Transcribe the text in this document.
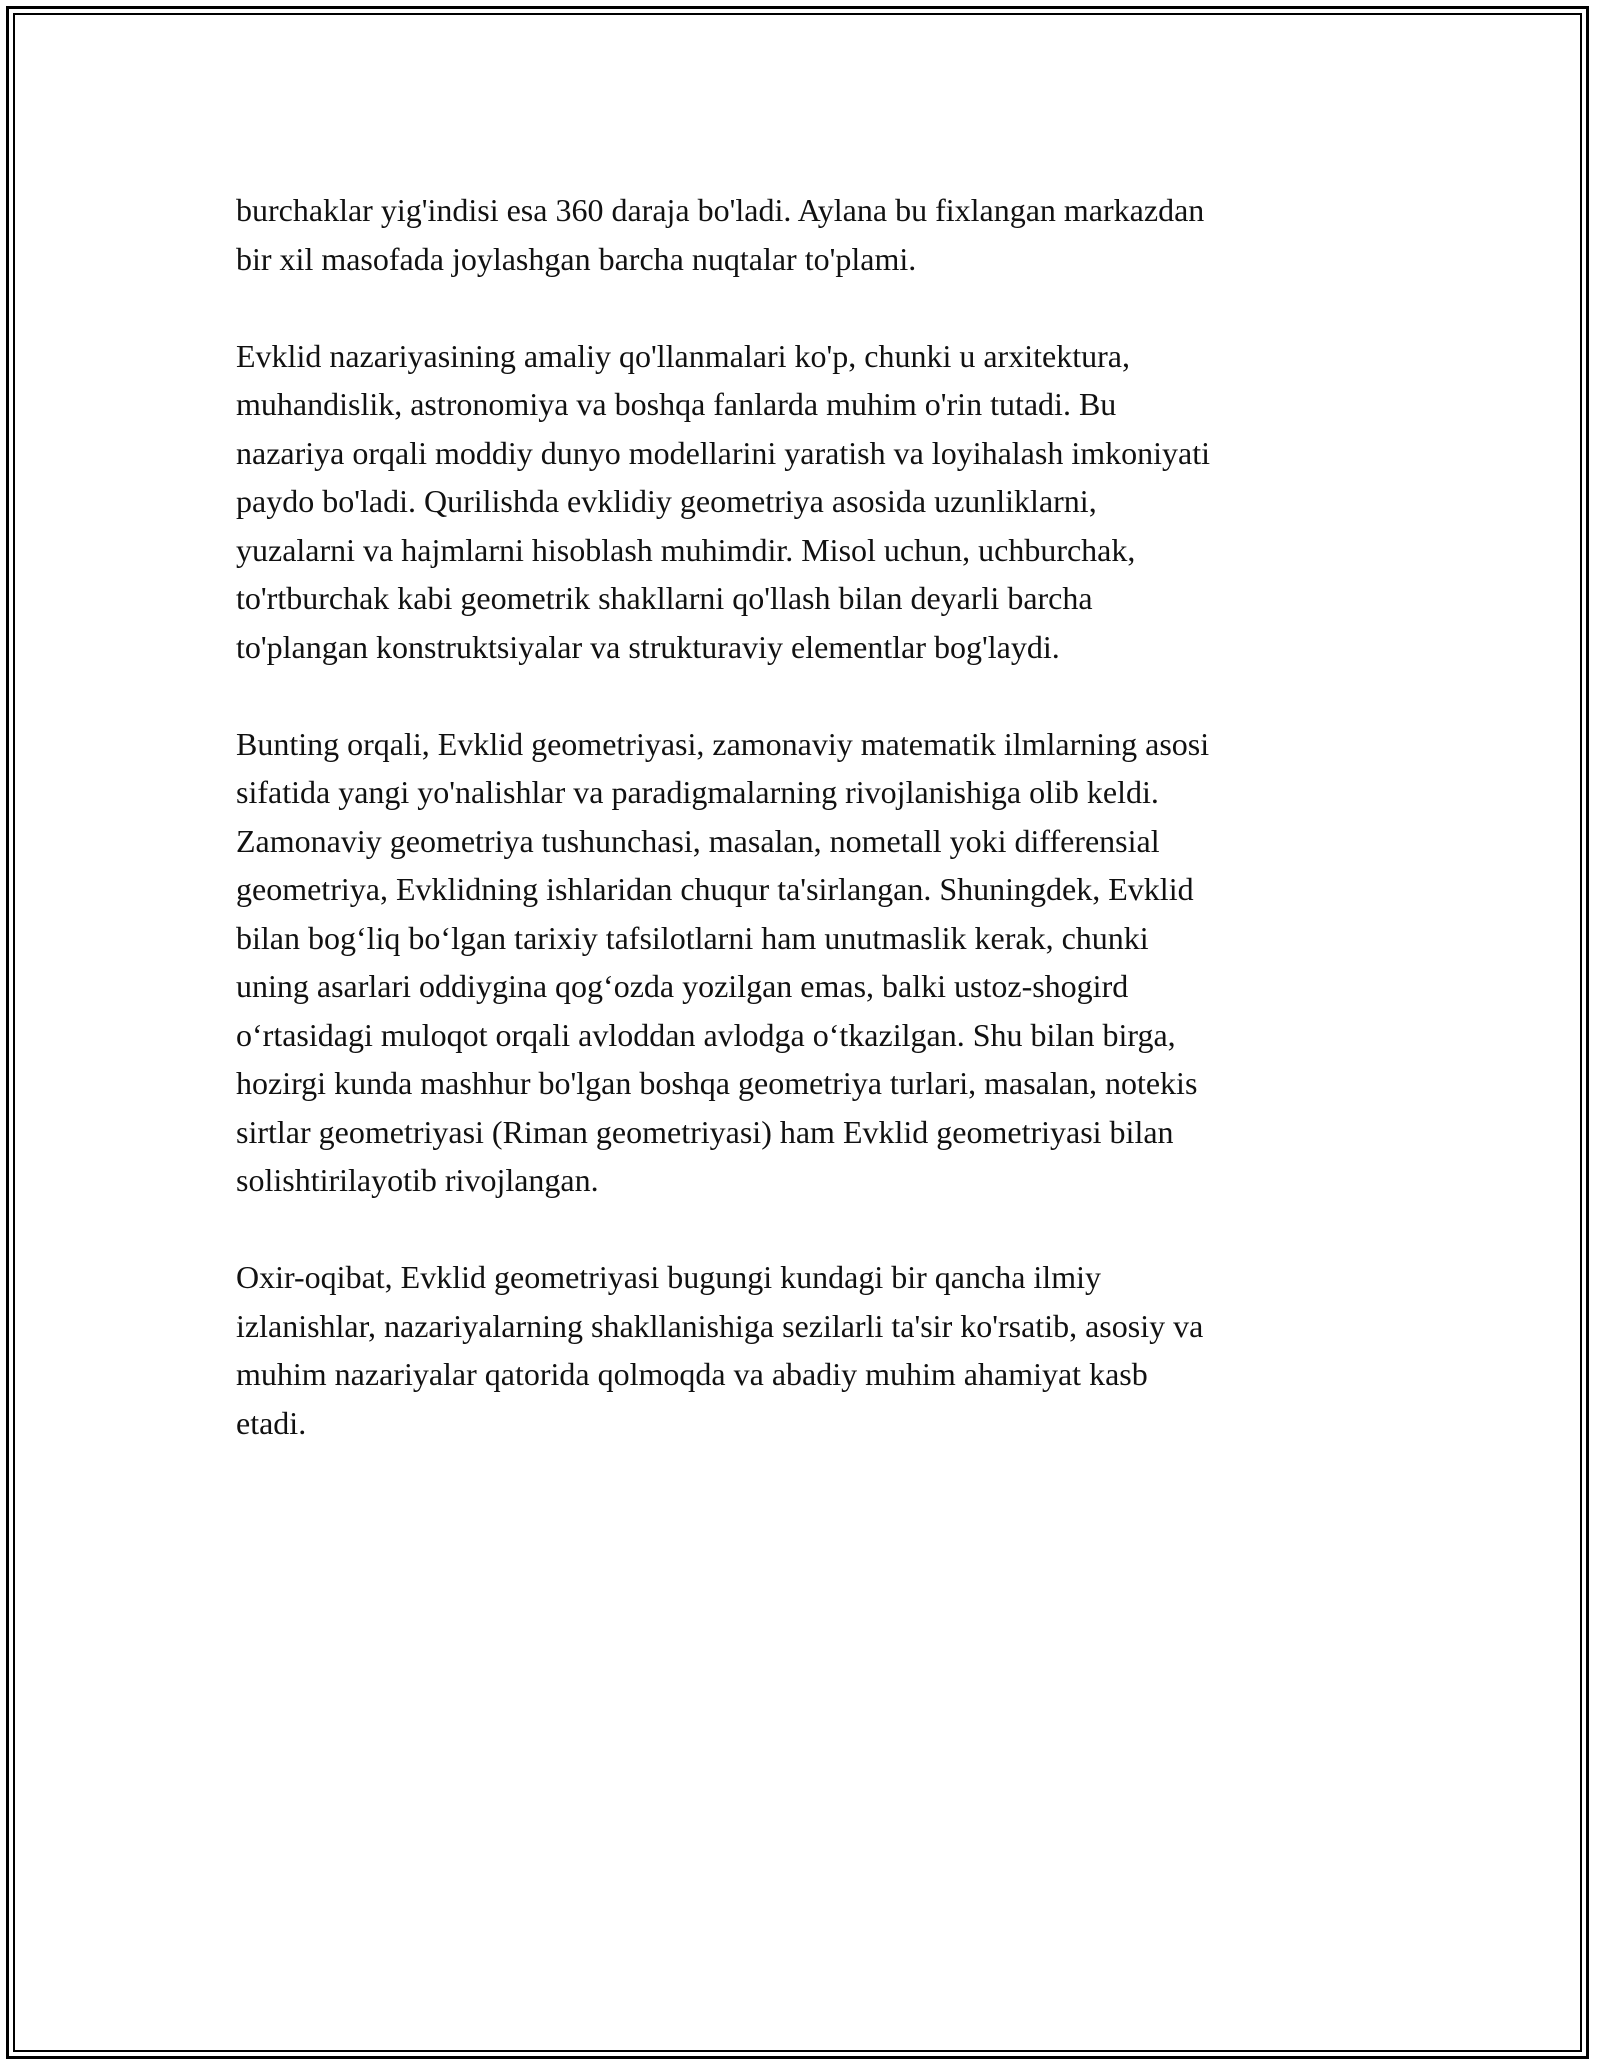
burchaklar yig'indisi esa 360 daraja bo'ladi. Aylana bu fixlangan markazdan
bir xil masofada joylashgan barcha nuqtalar to'plami.

Evklid nazariyasining amaliy qo'llanmalari ko'p, chunki u arxitektura,
muhandislik, astronomiya va boshqa fanlarda muhim o'rin tutadi. Bu
nazariya orqali moddiy dunyo modellarini yaratish va loyihalash imkoniyati
paydo bo'ladi. Qurilishda evklidiy geometriya asosida uzunliklarni,
yuzalarni va hajmlarni hisoblash muhimdir. Misol uchun, uchburchak,
to'rtburchak kabi geometrik shakllarni qo'llash bilan deyarli barcha
to'plangan konstruktsiyalar va strukturaviy elementlar bog'laydi.

Bunting orqali, Evklid geometriyasi, zamonaviy matematik ilmlarning asosi
sifatida yangi yo'nalishlar va paradigmalarning rivojlanishiga olib keldi.
Zamonaviy geometriya tushunchasi, masalan, nometall yoki differensial
geometriya, Evklidning ishlaridan chuqur ta'sirlangan. Shuningdek, Evklid
bilan bog‘liq bo‘lgan tarixiy tafsilotlarni ham unutmaslik kerak, chunki
uning asarlari oddiygina qog‘ozda yozilgan emas, balki ustoz-shogird
o‘rtasidagi muloqot orqali avloddan avlodga o‘tkazilgan. Shu bilan birga,
hozirgi kunda mashhur bo'lgan boshqa geometriya turlari, masalan, notekis
sirtlar geometriyasi (Riman geometriyasi) ham Evklid geometriyasi bilan
solishtirilayotib rivojlangan.

Oxir-oqibat, Evklid geometriyasi bugungi kundagi bir qancha ilmiy
izlanishlar, nazariyalarning shakllanishiga sezilarli ta'sir ko'rsatib, asosiy va
muhim nazariyalar qatorida qolmoqda va abadiy muhim ahamiyat kasb
etadi.
